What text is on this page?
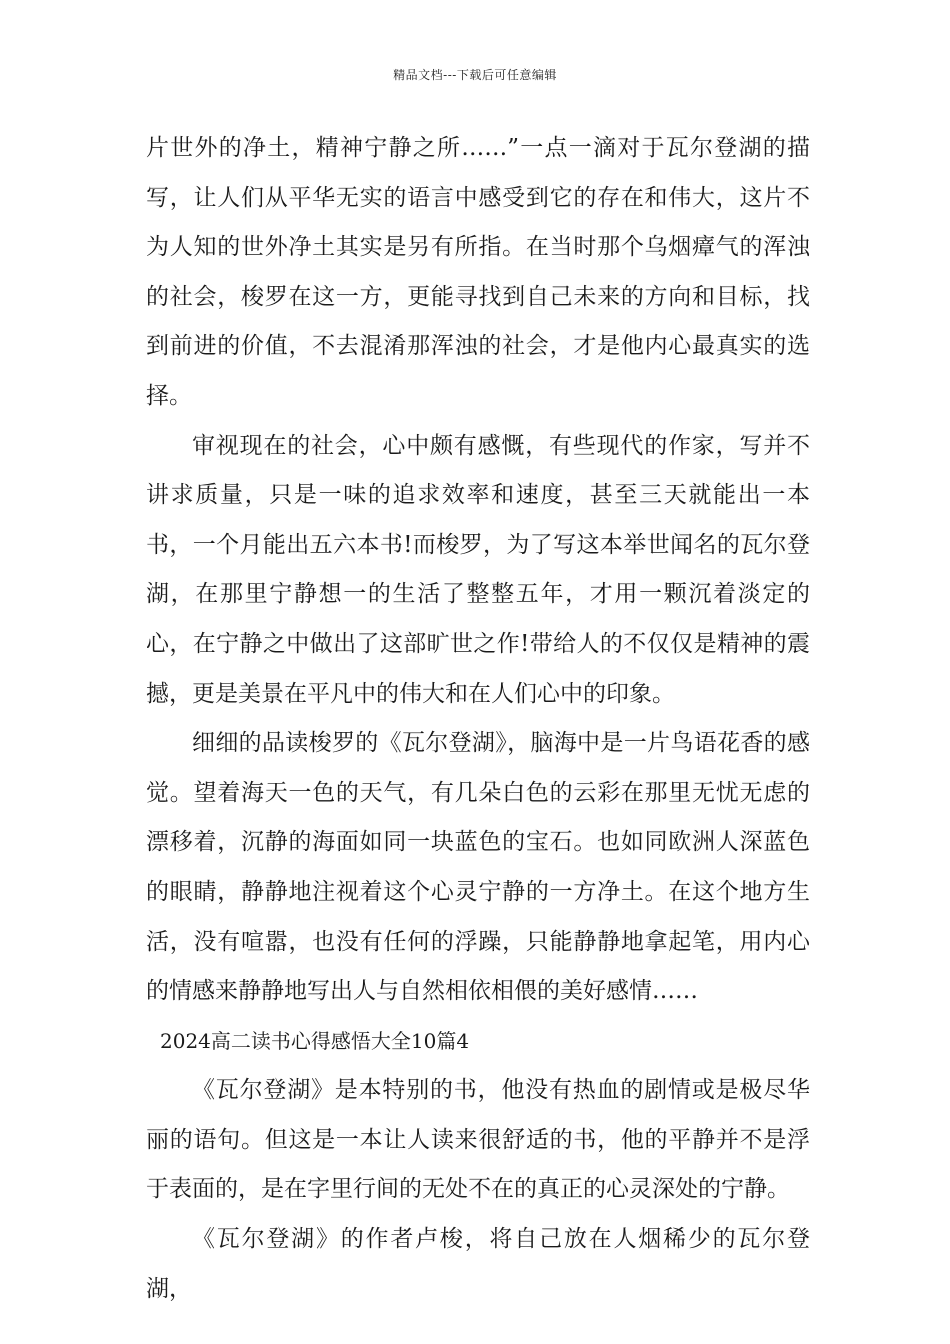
精品文档---下载后可任意编辑

片世外的净土，精神宁静之所……”一点一滴对于瓦尔登湖的描写，让人们从平华无实的语言中感受到它的存在和伟大，这片不为人知的世外净土其实是另有所指。在当时那个乌烟瘴气的浑浊的社会，梭罗在这一方，更能寻找到自己未来的方向和目标，找到前进的价值，不去混淆那浑浊的社会，才是他内心最真实的选择。

审视现在的社会，心中颇有感慨，有些现代的作家，写并不讲求质量，只是一味的追求效率和速度，甚至三天就能出一本书，一个月能出五六本书!而梭罗，为了写这本举世闻名的瓦尔登湖，在那里宁静想一的生活了整整五年，才用一颗沉着淡定的心，在宁静之中做出了这部旷世之作!带给人的不仅仅是精神的震撼，更是美景在平凡中的伟大和在人们心中的印象。

细细的品读梭罗的《瓦尔登湖》，脑海中是一片鸟语花香的感觉。望着海天一色的天气，有几朵白色的云彩在那里无忧无虑的漂移着，沉静的海面如同一块蓝色的宝石。也如同欧洲人深蓝色的眼睛，静静地注视着这个心灵宁静的一方净土。在这个地方生活，没有喧嚣，也没有任何的浮躁，只能静静地拿起笔，用内心的情感来静静地写出人与自然相依相偎的美好感情……

2024高二读书心得感悟大全10篇4

《瓦尔登湖》是本特别的书，他没有热血的剧情或是极尽华丽的语句。但这是一本让人读来很舒适的书，他的平静并不是浮于表面的，是在字里行间的无处不在的真正的心灵深处的宁静。

《瓦尔登湖》的作者卢梭，将自己放在人烟稀少的瓦尔登湖，
